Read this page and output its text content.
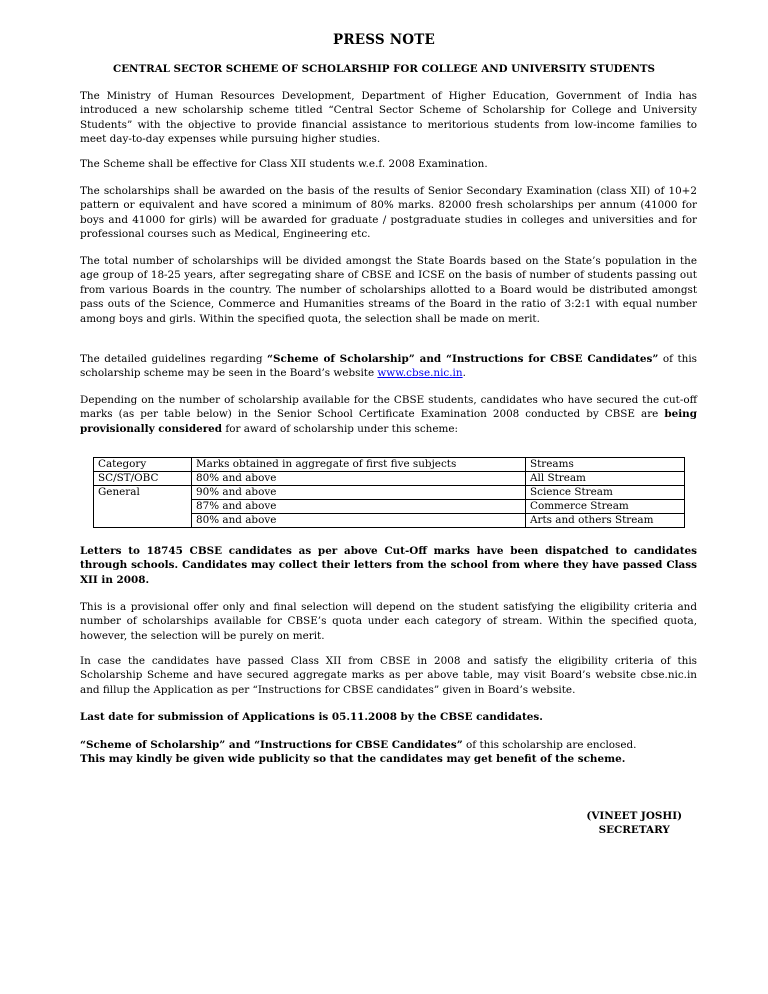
PRESS NOTE
CENTRAL SECTOR SCHEME OF SCHOLARSHIP FOR COLLEGE AND UNIVERSITY STUDENTS

The Ministry of Human Resources Development, Department of Higher Education, Government of India has introduced a new scholarship scheme titled “Central Sector Scheme of Scholarship for College and University Students” with the objective to provide financial assistance to meritorious students from low-income families to meet day-to-day expenses while pursuing higher studies.

The Scheme shall be effective for Class XII students w.e.f. 2008 Examination.

The scholarships shall be awarded on the basis of the results of Senior Secondary Examination (class XII) of 10+2 pattern or equivalent and have scored a minimum of 80% marks. 82000 fresh scholarships per annum (41000 for boys and 41000 for girls) will be awarded for graduate / postgraduate studies in colleges and universities and for professional courses such as Medical, Engineering etc.

The total number of scholarships will be divided amongst the State Boards based on the State’s population in the age group of 18-25 years, after segregating share of CBSE and ICSE on the basis of number of students passing out from various Boards in the country. The number of scholarships allotted to a Board would be distributed amongst pass outs of the Science, Commerce and Humanities streams of the Board in the ratio of 3:2:1 with equal number among boys and girls. Within the specified quota, the selection shall be made on merit.

The detailed guidelines regarding “Scheme of Scholarship” and “Instructions for CBSE Candidates” of this scholarship scheme may be seen in the Board’s website www.cbse.nic.in.

Depending on the number of scholarship available for the CBSE students, candidates who have secured the cut-off marks (as per table below) in the Senior School Certificate Examination 2008 conducted by CBSE are being provisionally considered for award of scholarship under this scheme:

Category	Marks obtained in aggregate of first five subjects	Streams
SC/ST/OBC	80% and above	All Stream
General	90% and above	Science Stream
	87% and above	Commerce Stream
	80% and above	Arts and others Stream

Letters to 18745 CBSE candidates as per above Cut-Off marks have been dispatched to candidates through schools. Candidates may collect their letters from the school from where they have passed Class XII in 2008.

This is a provisional offer only and final selection will depend on the student satisfying the eligibility criteria and number of scholarships available for CBSE’s quota under each category of stream. Within the specified quota, however, the selection will be purely on merit.

In case the candidates have passed Class XII from CBSE in 2008 and satisfy the eligibility criteria of this Scholarship Scheme and have secured aggregate marks as per above table, may visit Board’s website cbse.nic.in and fillup the Application as per “Instructions for CBSE candidates” given in Board’s website.

Last date for submission of Applications is 05.11.2008 by the CBSE candidates.

“Scheme of Scholarship” and “Instructions for CBSE Candidates” of this scholarship are enclosed.
This may kindly be given wide publicity so that the candidates may get benefit of the scheme.

(VINEET JOSHI)
SECRETARY
